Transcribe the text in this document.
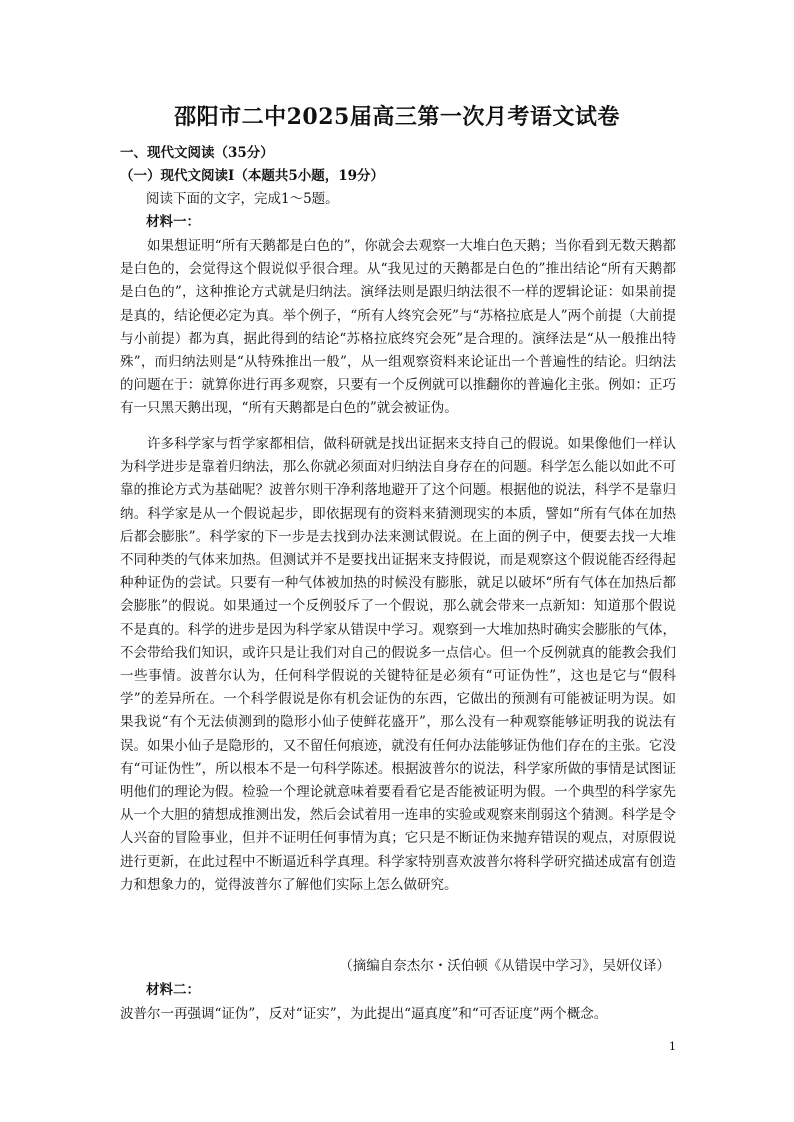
邵阳市二中2025届高三第一次月考语文试卷
一、现代文阅读（35分）
（一）现代文阅读Ⅰ（本题共5小题，19分）
阅读下面的文字，完成1～5题。
材料一：

如果想证明“所有天鹅都是白色的”，你就会去观察一大堆白色天鹅；当你看到无数天鹅都是白色的，会觉得这个假说似乎很合理。从“我见过的天鹅都是白色的”推出结论“所有天鹅都是白色的”，这种推论方式就是归纳法。演绎法则是跟归纳法很不一样的逻辑论证：如果前提是真的，结论便必定为真。举个例子，“所有人终究会死”与“苏格拉底是人”两个前提（大前提与小前提）都为真，据此得到的结论“苏格拉底终究会死”是合理的。演绎法是“从一般推出特殊”，而归纳法则是“从特殊推出一般”，从一组观察资料来论证出一个普遍性的结论。归纳法的问题在于：就算你进行再多观察，只要有一个反例就可以推翻你的普遍化主张。例如：正巧有一只黑天鹅出现，“所有天鹅都是白色的”就会被证伪。

许多科学家与哲学家都相信，做科研就是找出证据来支持自己的假说。如果像他们一样认为科学进步是靠着归纳法，那么你就必须面对归纳法自身存在的问题。科学怎么能以如此不可靠的推论方式为基础呢？波普尔则干净利落地避开了这个问题。根据他的说法，科学不是靠归纳。科学家是从一个假说起步，即依据现有的资料来猜测现实的本质，譬如“所有气体在加热后都会膨胀”。科学家的下一步是去找到办法来测试假说。在上面的例子中，便要去找一大堆不同种类的气体来加热。但测试并不是要找出证据来支持假说，而是观察这个假说能否经得起种种证伪的尝试。只要有一种气体被加热的时候没有膨胀，就足以破坏“所有气体在加热后都会膨胀”的假说。如果通过一个反例驳斥了一个假说，那么就会带来一点新知：知道那个假说不是真的。科学的进步是因为科学家从错误中学习。观察到一大堆加热时确实会膨胀的气体，不会带给我们知识，或许只是让我们对自己的假说多一点信心。但一个反例就真的能教会我们一些事情。波普尔认为，任何科学假说的关键特征是必须有“可证伪性”，这也是它与“假科学”的差异所在。一个科学假说是你有机会证伪的东西，它做出的预测有可能被证明为误。如果我说“有个无法侦测到的隐形小仙子使鲜花盛开”，那么没有一种观察能够证明我的说法有误。如果小仙子是隐形的，又不留任何痕迹，就没有任何办法能够证伪他们存在的主张。它没有“可证伪性”，所以根本不是一句科学陈述。根据波普尔的说法，科学家所做的事情是试图证明他们的理论为假。检验一个理论就意味着要看看它是否能被证明为假。一个典型的科学家先从一个大胆的猜想成推测出发，然后会试着用一连串的实验或观察来削弱这个猜测。科学是令人兴奋的冒险事业，但并不证明任何事情为真；它只是不断证伪来抛弃错误的观点，对原假说进行更新，在此过程中不断逼近科学真理。科学家特别喜欢波普尔将科学研究描述成富有创造力和想象力的，觉得波普尔了解他们实际上怎么做研究。

（摘编自奈杰尔・沃伯顿《从错误中学习》，吴妍仪译）
材料二：

波普尔一再强调“证伪”，反对“证实”，为此提出“逼真度”和“可否证度”两个概念。

1
